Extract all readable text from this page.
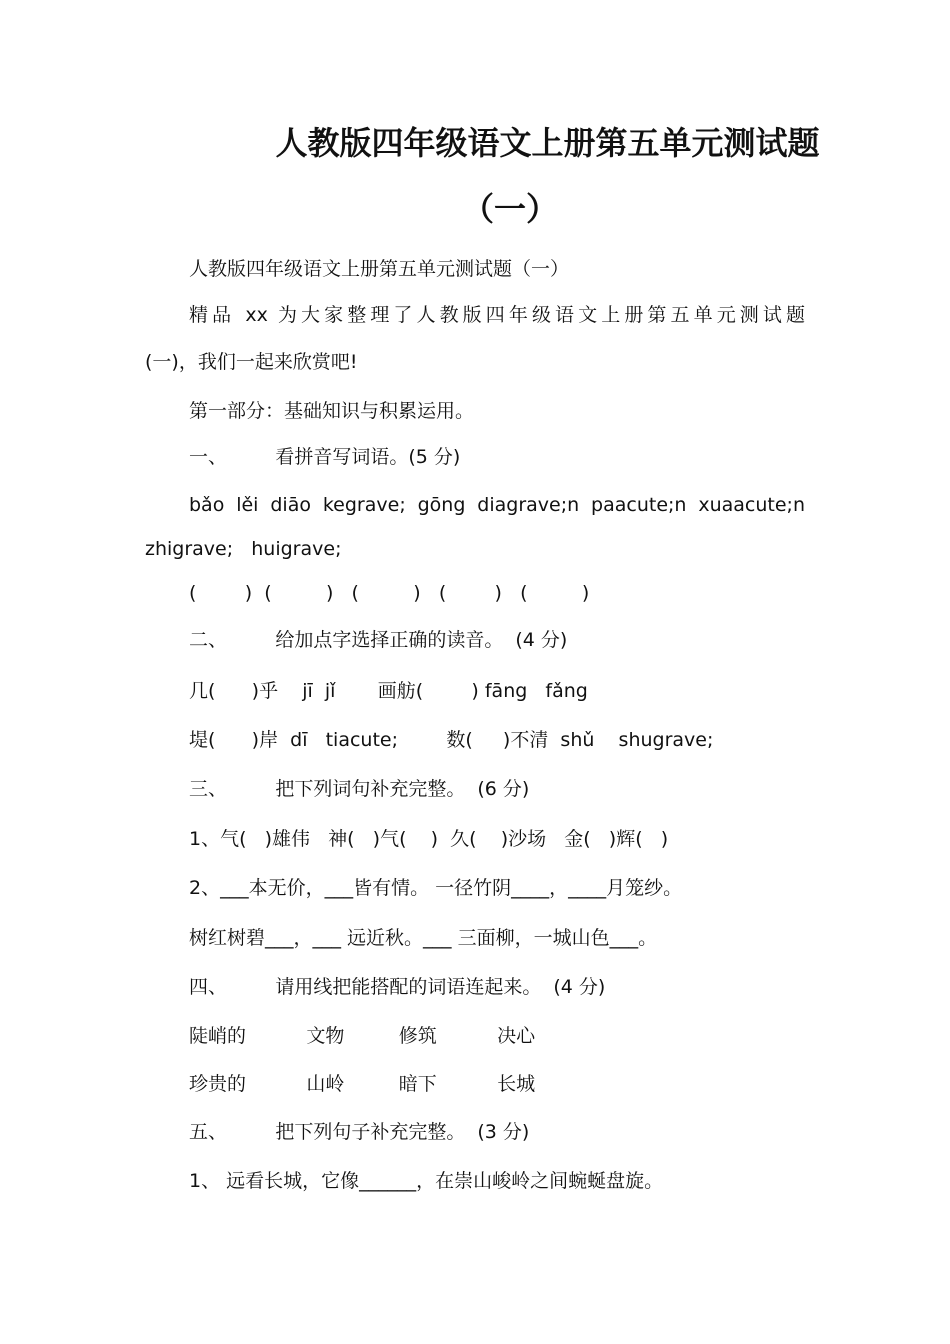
人教版四年级语文上册第五单元测试题
（一）
人教版四年级语文上册第五单元测试题（一）
精品 xx 为大家整理了人教版四年级语文上册第五单元测试题
(一)，我们一起来欣赏吧!
第一部分：基础知识与积累运用。
一、        看拼音写词语。(5 分)
bǎo lěi diāo kegrave; gōng diagrave;n paacute;n xuaacute;n
zhigrave;   huigrave;
(        )  (         )   (         )   (        )   (         )
二、        给加点字选择正确的读音。  (4 分)
几(      )乎    jī  jǐ       画舫(        ) fāng   fǎng
堤(      )岸  dī   tiacute;        数(     )不清  shǔ    shugrave;
三、        把下列词句补充完整。  (6 分)
1、气(   )雄伟   神(   )气(    )  久(    )沙场   金(   )辉(   )
2、___本无价，___皆有情。 一径竹阴____，____月笼纱。
树红树碧___，___ 远近秋。___ 三面柳，一城山色___。
四、        请用线把能搭配的词语连起来。  (4 分)
陡峭的          文物         修筑          决心
珍贵的          山岭         暗下          长城
五、        把下列句子补充完整。  (3 分)
1、 远看长城，它像______，在崇山峻岭之间蜿蜒盘旋。
